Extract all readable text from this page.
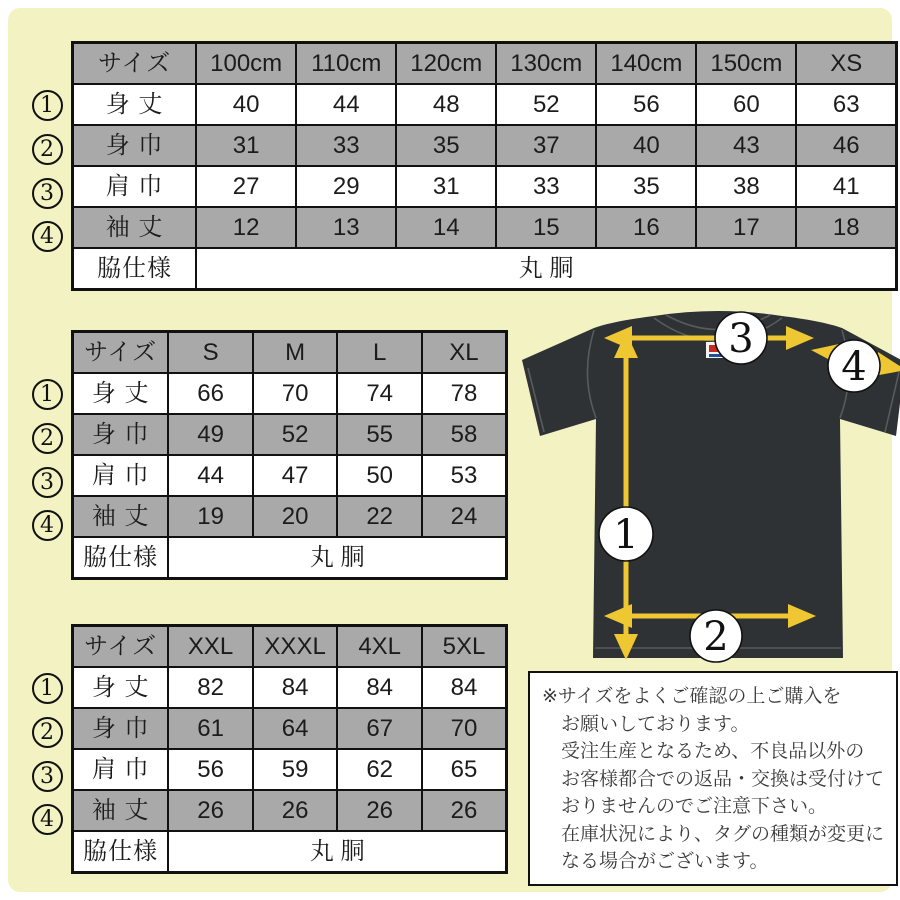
1
2
3
4
1
2
3
4
1
2
3
4
サイズ	100cm	110cm	120cm	130cm	140cm	150cm	XS
身 丈	40	44	48	52	56	60	63
身 巾	31	33	35	37	40	43	46
肩 巾	27	29	31	33	35	38	41
袖 丈	12	13	14	15	16	17	18
脇仕様	丸 胴						
サイズ	S	M	L	XL
身 丈	66	70	74	78
身 巾	49	52	55	58
肩 巾	44	47	50	53
袖 丈	19	20	22	24
脇仕様	丸 胴			
サイズ	XXL	XXXL	4XL	5XL
身 丈	82	84	84	84
身 巾	61	64	67	70
肩 巾	56	59	62	65
袖 丈	26	26	26	26
脇仕様	丸 胴			
1
2
3
4
※サイズをよくご確認の上ご購入を
お願いしております。
受注生産となるため、不良品以外の
お客様都合での返品・交換は受付けて
おりませんのでご注意下さい。
在庫状況により、タグの種類が変更に
なる場合がございます。
